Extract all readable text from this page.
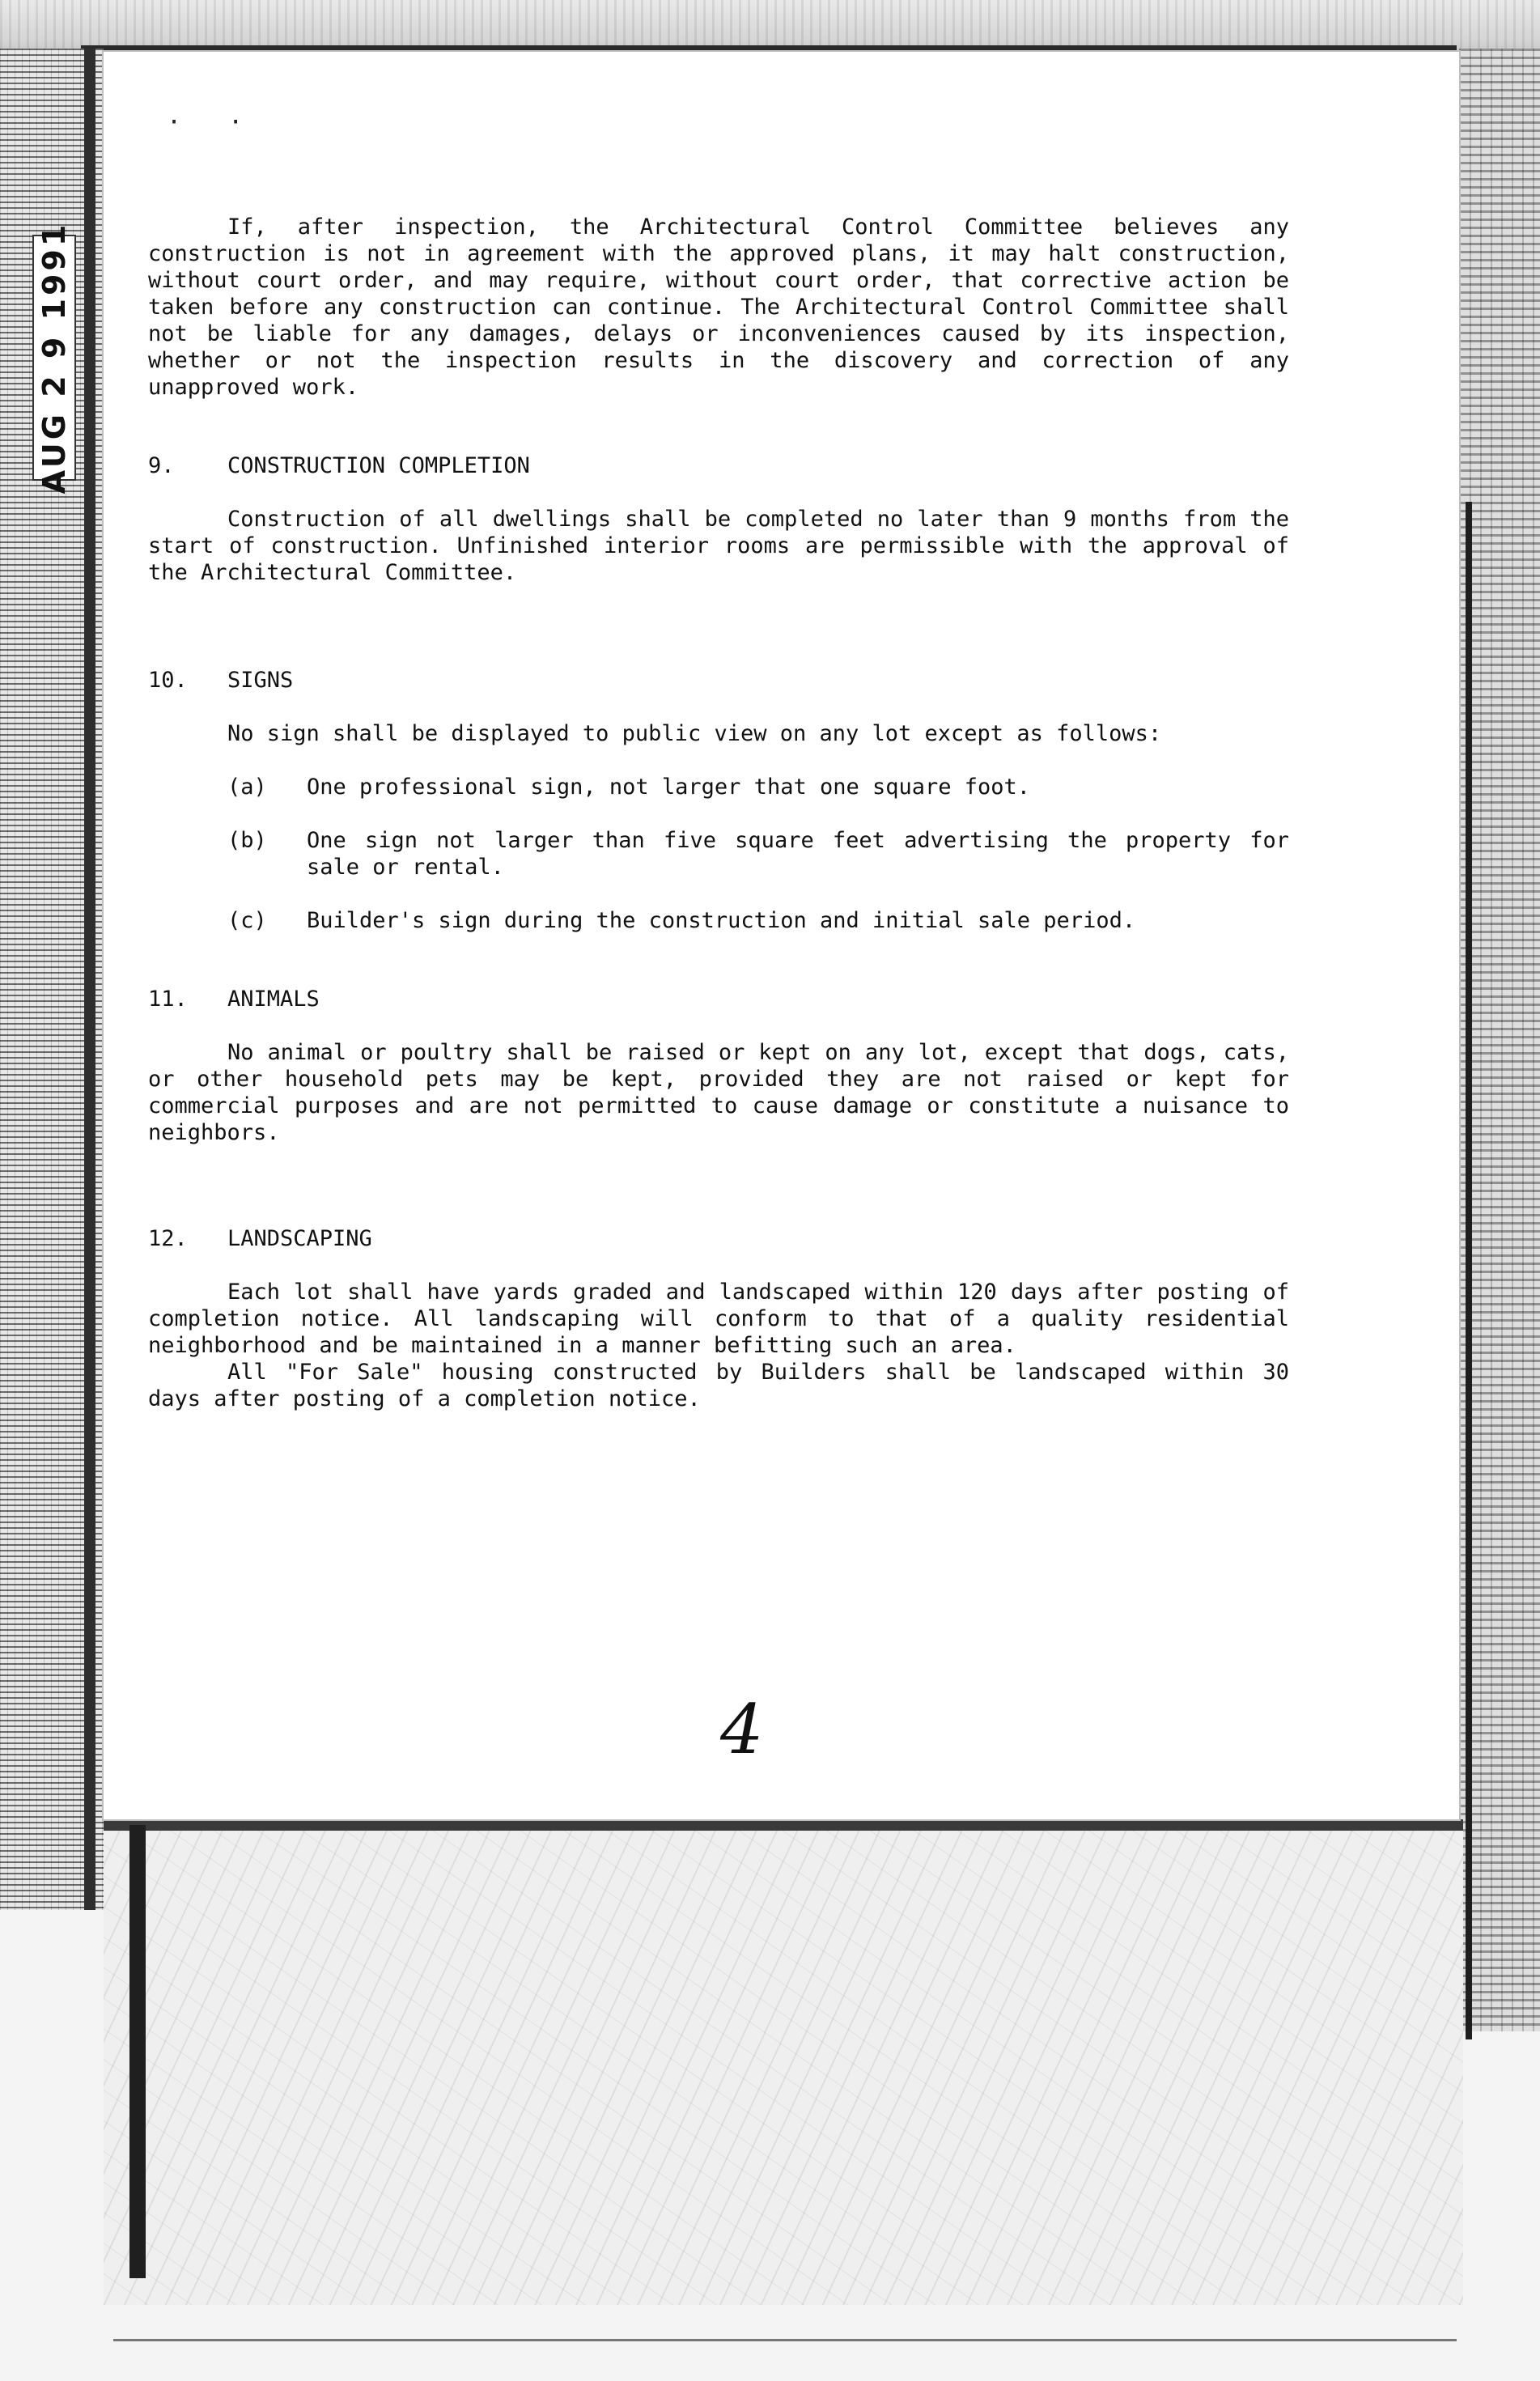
AUG 2 9 1991
· ·

If, after inspection, the Architectural Control Committee believes any construction is not in agreement with the approved plans, it may halt construction, without court order, and may require, without court order, that corrective action be taken before any construction can continue. The Architectural Control Committee shall not be liable for any damages, delays or inconveniences caused by its inspection, whether or not the inspection results in the discovery and correction of any unapproved work.

9.	CONSTRUCTION COMPLETION

Construction of all dwellings shall be completed no later than 9 months from the start of construction. Unfinished interior rooms are permissible with the approval of the Architectural Committee.

10.	SIGNS

No sign shall be displayed to public view on any lot except as follows:

(a)	One professional sign, not larger that one square foot.
(b)	One sign not larger than five square feet advertising the property for sale or rental.
(c)	Builder's sign during the construction and initial sale period.
11.	ANIMALS

No animal or poultry shall be raised or kept on any lot, except that dogs, cats, or other household pets may be kept, provided they are not raised or kept for commercial purposes and are not permitted to cause damage or constitute a nuisance to neighbors.

12.	LANDSCAPING

Each lot shall have yards graded and landscaped within 120 days after posting of completion notice. All landscaping will conform to that of a quality residential neighborhood and be maintained in a manner befitting such an area.

All "For Sale" housing constructed by Builders shall be landscaped within 30 days after posting of a completion notice.

4
